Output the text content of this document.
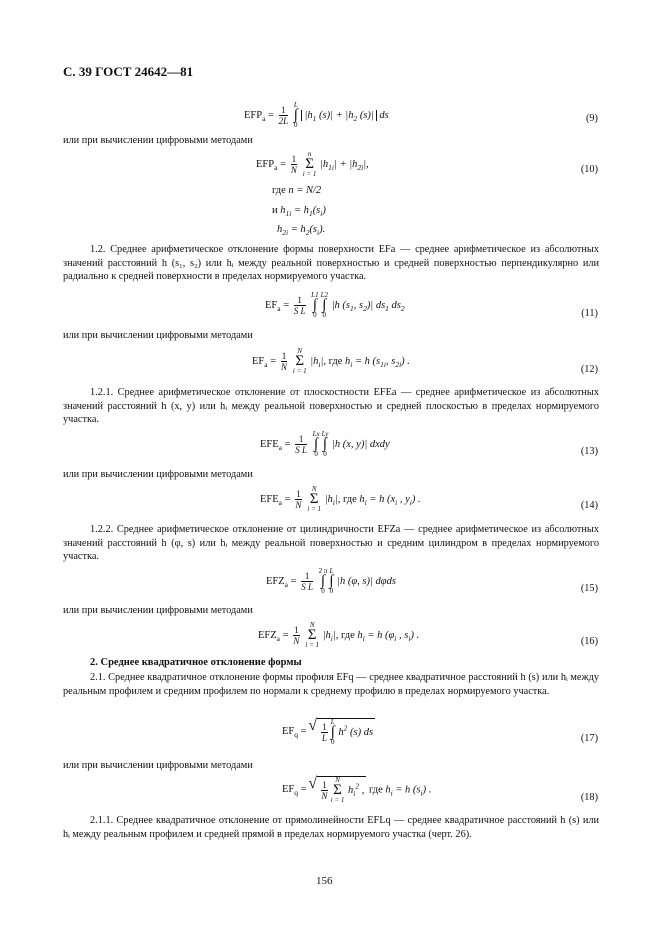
С. 39 ГОСТ 24642—81
$EFP_a = \frac{1}{2L}$
L
∫
0
$|h_1$ $(s)| + |h_2$ (s)| ds	(9)
или при вычислении цифровыми методами
$EFP_a = \frac{1}{N}$
	n
Σ
i = 1
$|h_{1i}| + |h_{2i}|$,	(10)
где n = N/2
и $h_{1i} = h_1(s_i)$
$h_{2i} = h_2(s_i)$.
1.2. Среднее арифметическое отклонение формы поверхности EFa — среднее арифметическое из абсолютных значений расстояний h (s₁, s₂) или hᵢ между реальной поверхностью и средней поверхностью перпендикулярно или радиально к средней поверхности в пределах нормируемого участка.
$EF_a = \frac{1}{\text{S L}}$
L1
∫
0
L2
∫
0
|h ($s_1$, $s_2)|$ $ds_1$ $ds_2$	(11)
или при вычислении цифровыми методами
$EF_a = \frac{1}{N}$
	N
Σ
i = 1
$|h_i|$, где $h_i = h$ ($s_{1i}$, $s_{2i}$) .
(12)
1.2.1. Среднее арифметическое отклонение от плоскостности EFEa — среднее арифметическое из абсолютных значений расстояний h (x, y) или hᵢ между реальной поверхностью и средней плоскостью в пределах нормируемого участка.
$EFE_a = \frac{1}{\text{S L}}$
Lx
∫
0
Ly
∫
0
|h (x, y)| dxdy
(13)
или при вычислении цифровыми методами
$EFE_a = \frac{1}{N}$
	N
Σ
i = 1
$|h_i|$, где $h_i = h$ ($x_i$ , $y_i$) .
(14)
1.2.2. Среднее арифметическое отклонение от цилиндричности EFZa — среднее арифметическое из абсолютных значений расстояний h (φ, s) или hᵢ между реальной поверхностью и средним цилиндром в пределах нормируемого участка.
$EFZ_a = \frac{1}{\text{S L}}$
2 π
∫
0
L
∫
0
|h (φ, s)| dφds
(15)
или при вычислении цифровыми методами
$EFZ_a = \frac{1}{N}$
	N
Σ
i = 1
$|h_i|$, где $h_i = h$ ($\varphi_i$ , $s_i$) .
(16)
2. Среднее квадратичное отклонение формы
2.1. Среднее квадратичное отклонение формы профиля EFq — среднее квадратичное расстояний h (s) или hᵢ между реальным профилем и средним профилем по нормали к среднему профилю в пределах нормируемого участка.
$EF_q$ = √ $\frac{1}{L}$ L
∫
0
$h^2$ (s) ds
(17)
или при вычислении цифровыми методами
$EF_q$ = √ $\frac{1}{N}$	N
Σ
i = 1
$h_i^2$ , где $h_i = h$ $(s_i)$ .
(18)
2.1.1. Среднее квадратичное отклонение от прямолинейности EFLq — среднее квадратичное расстояний h (s) или hᵢ между реальным профилем и средней прямой в пределах нормируемого участка (черт. 26).
156
